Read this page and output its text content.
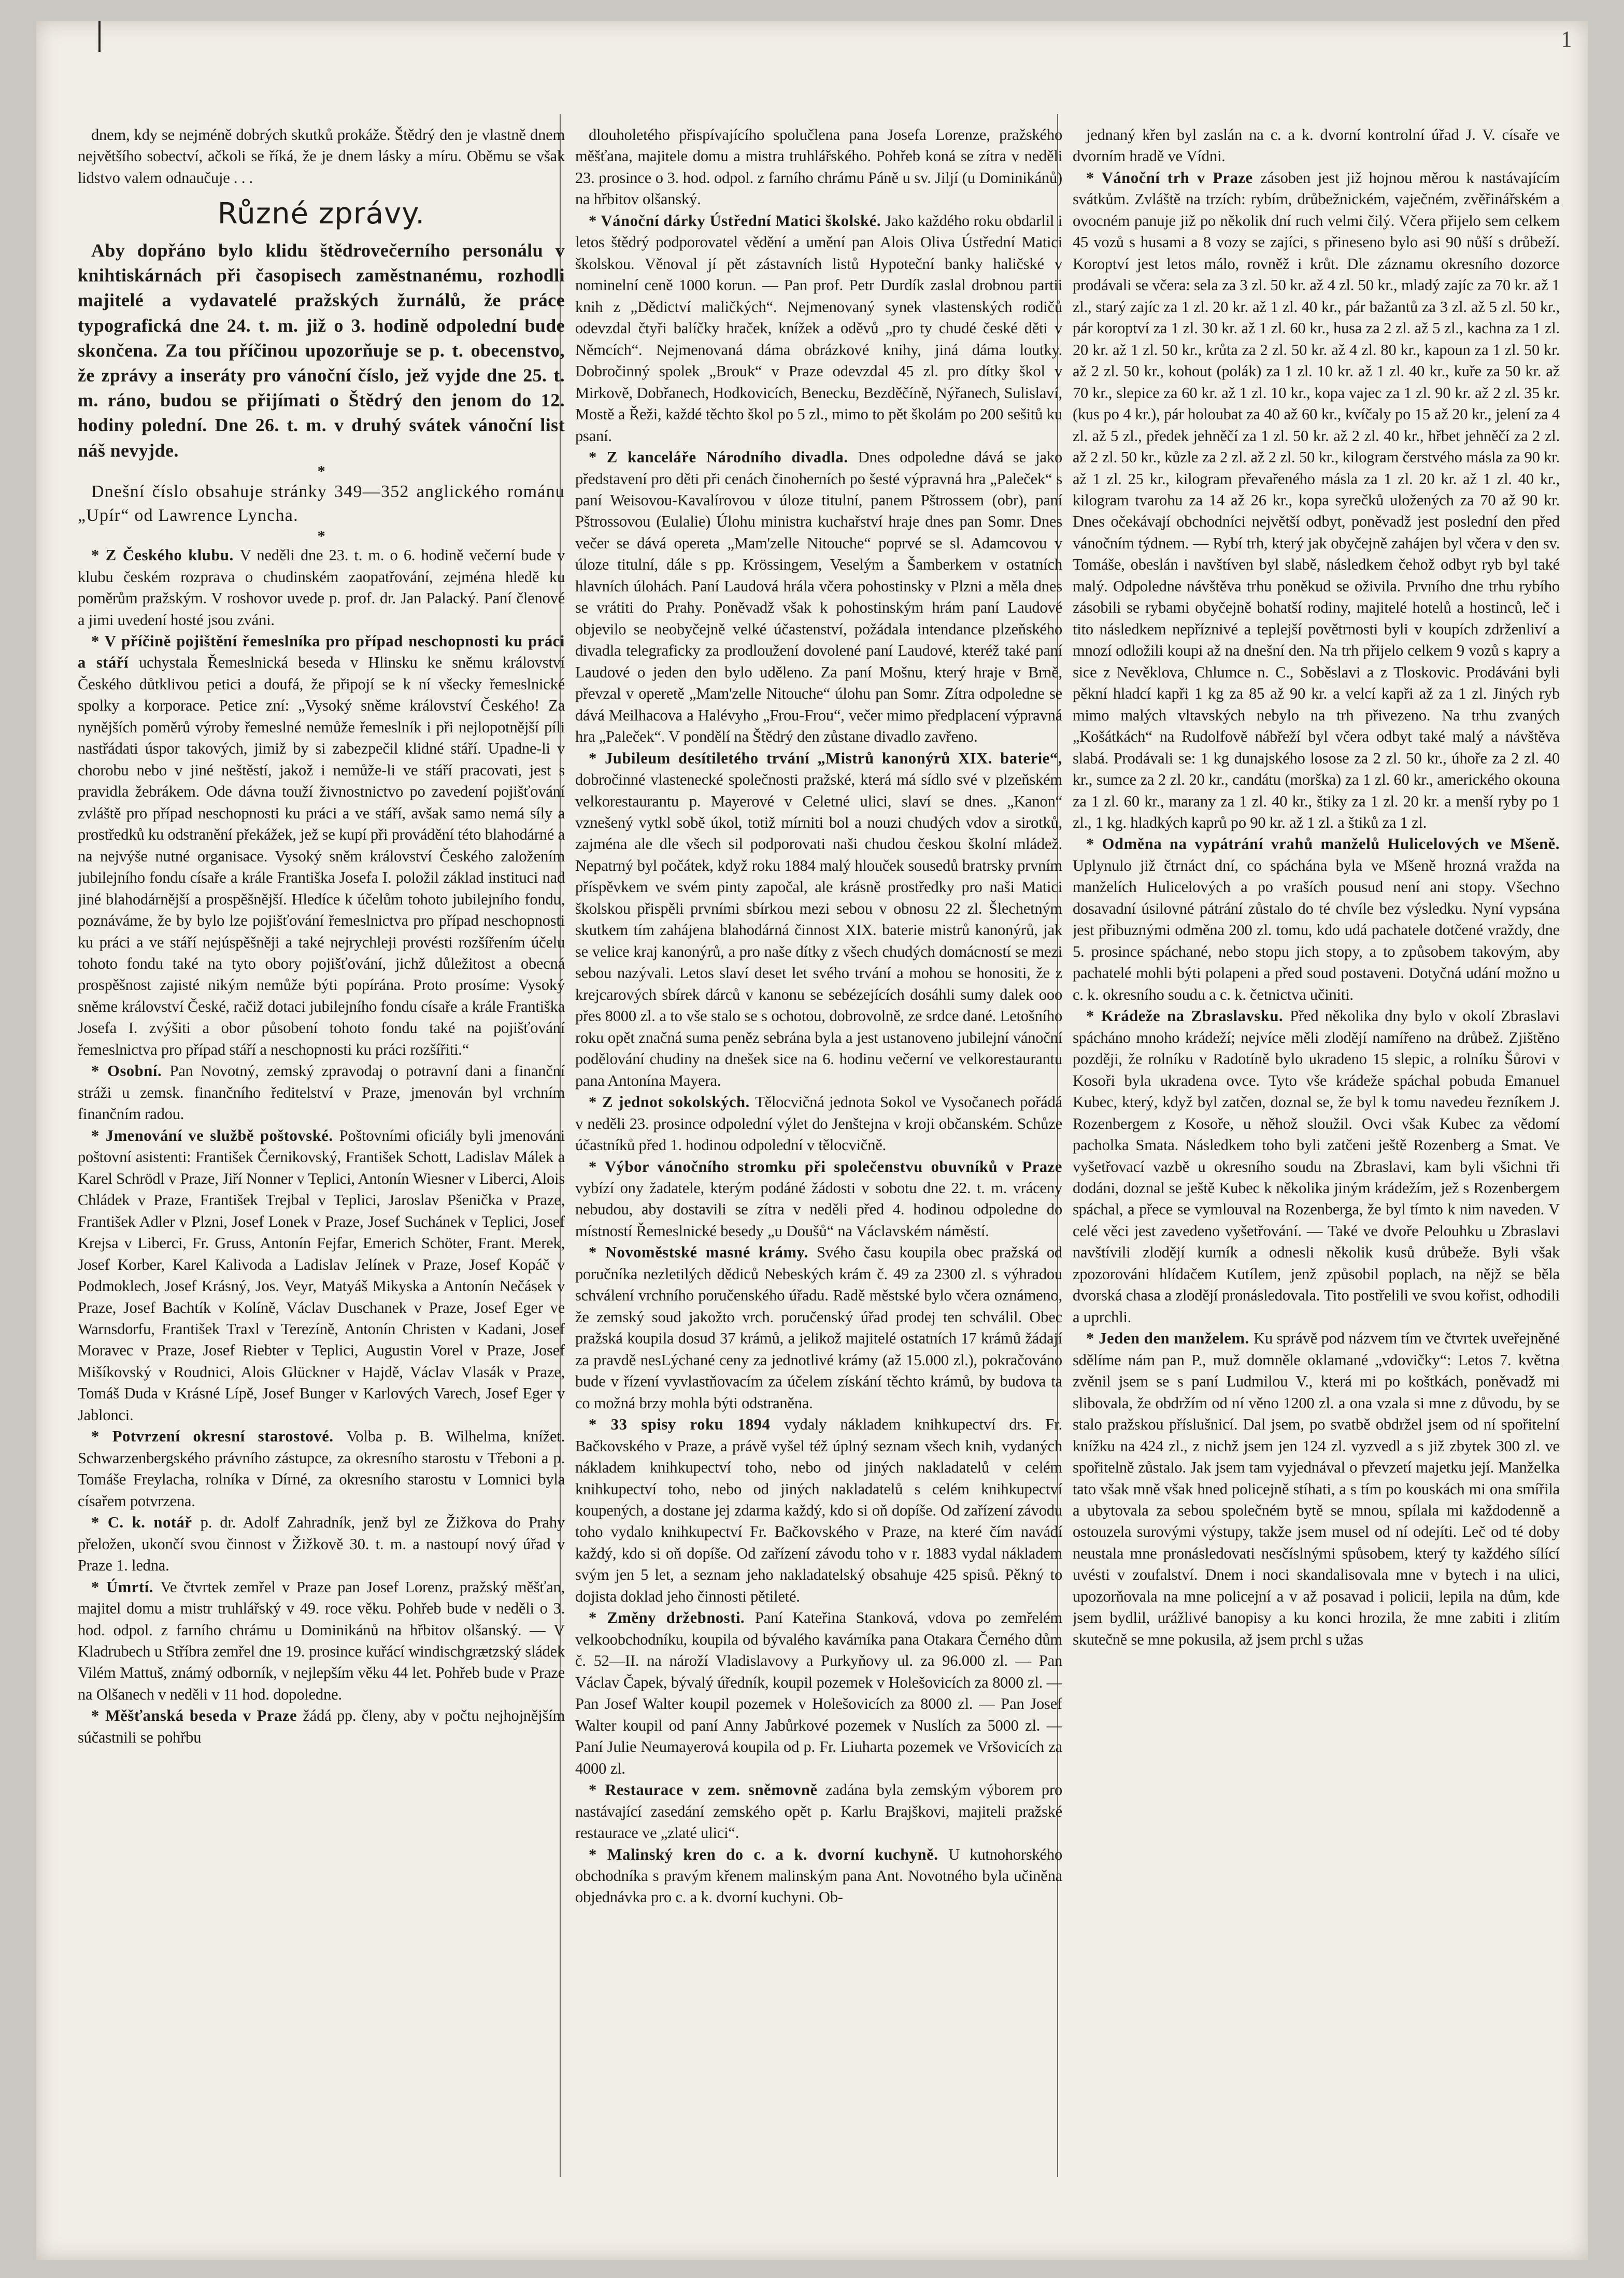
1

dnem, kdy se nejméně dobrých skutků prokáže. Štědrý den je vlastně dnem největšího sobectví, ačkoli se říká, že je dnem lásky a míru. Oběmu se však lidstvo valem odnaučuje . . .

Různé zprávy.

Aby dopřáno bylo klidu štědrovečerního personálu v knihtiskárnách při časopisech zaměstnanému, rozhodli majitelé a vydavatelé pražských žurnálů, že práce typografická dne 24. t. m. již o 3. hodině odpolední bude skončena. Za tou příčinou upozorňuje se p. t. obecenstvo, že zprávy a inseráty pro vánoční číslo, jež vyjde dne 25. t. m. ráno, budou se přijímati o Štědrý den jenom do 12. hodiny polední. Dne 26. t. m. v druhý svátek vánoční list náš nevyjde.

*

Dnešní číslo obsahuje stránky 349—352 anglického románu „Upír“ od Lawrence Lyncha.

*

* Z Českého klubu. V neděli dne 23. t. m. o 6. hodině večerní bude v klubu českém rozprava o chudinském zaopatřování, zejména hledě ku poměrům pražským. V roshovor uvede p. prof. dr. Jan Palacký. Paní členové a jimi uvedení hosté jsou zváni.

* V příčině pojištění řemeslníka pro případ neschopnosti ku práci a stáří uchystala Řemeslnická beseda v Hlinsku ke sněmu království Českého důtklivou petici a doufá, že připojí se k ní všecky řemeslnické spolky a korporace. Petice zní: „Vysoký sněme království Českého! Za nynějších poměrů výroby řemeslné nemůže řemeslník i při nejlopotnější píli nastřádati úspor takových, jimiž by si zabezpečil klidné stáří. Upadne-li v chorobu nebo v jiné neštěstí, jakož i nemůže-li ve stáří pracovati, jest s pravidla žebrákem. Ode dávna touží živnostnictvo po zavedení pojišťování zvláště pro případ neschopnosti ku práci a ve stáří, avšak samo nemá síly a prostředků ku odstranění překážek, jež se kupí při provádění této blahodárné a na nejvýše nutné organisace. Vysoký sněm království Českého založením jubilejního fondu císaře a krále Františka Josefa I. položil základ instituci nad jiné blahodárnější a prospěšnější. Hledíce k účelům tohoto jubilejního fondu, poznáváme, že by bylo lze pojišťování řemeslnictva pro případ neschopnosti ku práci a ve stáří nejúspěšněji a také nejrychleji provésti rozšířením účelu tohoto fondu také na tyto obory pojišťování, jichž důležitost a obecná prospěšnost zajisté nikým nemůže býti popírána. Proto prosíme: Vysoký sněme království České, račiž dotaci jubilejního fondu císaře a krále Františka Josefa I. zvýšiti a obor působení tohoto fondu také na pojišťování řemeslnictva pro případ stáří a neschopnosti ku práci rozšířiti.“

* Osobní. Pan Novotný, zemský zpravodaj o potravní dani a finanční stráži u zemsk. finančního ředitelství v Praze, jmenován byl vrchním finančním radou.

* Jmenování ve službě poštovské. Poštovními oficiály byli jmenováni poštovní asistenti: František Černikovský, František Schott, Ladislav Málek a Karel Schrödl v Praze, Jiří Nonner v Teplici, Antonín Wiesner v Liberci, Alois Chládek v Praze, František Trejbal v Teplici, Jaroslav Pšenička v Praze, František Adler v Plzni, Josef Lonek v Praze, Josef Suchánek v Teplici, Josef Krejsa v Liberci, Fr. Gruss, Antonín Fejfar, Emerich Schöter, Frant. Merek, Josef Korber, Karel Kalivoda a Ladislav Jelínek v Praze, Josef Kopáč v Podmoklech, Josef Krásný, Jos. Veyr, Matyáš Mikyska a Antonín Nečásek v Praze, Josef Bachtík v Kolíně, Václav Duschanek v Praze, Josef Eger ve Warnsdorfu, František Traxl v Terezíně, Antonín Christen v Kadani, Josef Moravec v Praze, Josef Riebter v Teplici, Augustin Vorel v Praze, Josef Mišíkovský v Roudnici, Alois Glückner v Hajdě, Václav Vlasák v Praze, Tomáš Duda v Krásné Lípě, Josef Bunger v Karlových Varech, Josef Eger v Jablonci.

* Potvrzení okresní starostové. Volba p. B. Wilhelma, knížet. Schwarzenbergského právního zástupce, za okresního starostu v Třeboni a p. Tomáše Freylacha, rolníka v Dírné, za okresního starostu v Lomnici byla císařem potvrzena.

* C. k. notář p. dr. Adolf Zahradník, jenž byl ze Žižkova do Prahy přeložen, ukončí svou činnost v Žižkově 30. t. m. a nastoupí nový úřad v Praze 1. ledna.

* Úmrtí. Ve čtvrtek zemřel v Praze pan Josef Lorenz, pražský měšťan, majitel domu a mistr truhlářský v 49. roce věku. Pohřeb bude v neděli o 3. hod. odpol. z farního chrámu u Dominikánů na hřbitov olšanský. — V Kladrubech u Stříbra zemřel dne 19. prosince kuřácí windischgrætzský sládek Vilém Mattuš, známý odborník, v nejlepším věku 44 let. Pohřeb bude v Praze na Olšanech v neděli v 11 hod. dopoledne.

* Měšťanská beseda v Praze žádá pp. členy, aby v počtu nejhojnějším súčastnili se pohřbu

dlouholetého přispívajícího spolučlena pana Josefa Lorenze, pražského měšťana, majitele domu a mistra truhlářského. Pohřeb koná se zítra v neděli 23. prosince o 3. hod. odpol. z farního chrámu Páně u sv. Jiljí (u Dominikánů) na hřbitov olšanský.

* Vánoční dárky Ústřední Matici školské. Jako každého roku obdarlil i letos štědrý podporovatel vědění a umění pan Alois Oliva Ústřední Matici školskou. Věnoval jí pět zástavních listů Hypoteční banky haličské v nominelní ceně 1000 korun. — Pan prof. Petr Durdík zaslal drobnou partii knih z „Dědictví maličkých“. Nejmenovaný synek vlastenských rodičů odevzdal čtyři balíčky hraček, knížek a oděvů „pro ty chudé české děti v Němcích“. Nejmenovaná dáma obrázkové knihy, jiná dáma loutky. Dobročinný spolek „Brouk“ v Praze odevzdal 45 zl. pro dítky škol v Mirkově, Dobřanech, Hodkovicích, Benecku, Bezděčíně, Nýřanech, Sulislaví, Mostě a Řeži, každé těchto škol po 5 zl., mimo to pět školám po 200 sešitů ku psaní.

* Z kanceláře Národního divadla. Dnes odpoledne dává se jako představení pro děti při cenách činoherních po šesté výpravná hra „Paleček“ s paní Weisovou-Kavalírovou v úloze titulní, panem Pštrossem (obr), paní Pštrossovou (Eulalie) Úlohu ministra kuchařství hraje dnes pan Somr. Dnes večer se dává opereta „Mam'zelle Nitouche“ poprvé se sl. Adamcovou v úloze titulní, dále s pp. Krössingem, Veselým a Šamberkem v ostatních hlavních úlohách. Paní Laudová hrála včera pohostinsky v Plzni a měla dnes se vrátiti do Prahy. Poněvadž však k pohostinským hrám paní Laudové objevilo se neobyčejně velké účastenství, požádala intendance plzeňského divadla telegraficky za prodloužení dovolené paní Laudové, kteréž také paní Laudové o jeden den bylo uděleno. Za paní Mošnu, který hraje v Brně, převzal v operetě „Mam'zelle Nitouche“ úlohu pan Somr. Zítra odpoledne se dává Meilhacova a Halévyho „Frou-Frou“, večer mimo předplacení výpravná hra „Paleček“. V pondělí na Štědrý den zůstane divadlo zavřeno.

* Jubileum desítiletého trvání „Mistrů kanonýrů XIX. baterie“, dobročinné vlastenecké společnosti pražské, která má sídlo své v plzeňském velkorestaurantu p. Mayerové v Celetné ulici, slaví se dnes. „Kanon“ vznešený vytkl sobě úkol, totiž mírniti bol a nouzi chudých vdov a sirotků, zajména ale dle všech sil podporovati naši chudou českou školní mládež. Nepatrný byl počátek, když roku 1884 malý hlouček sousedů bratrsky prvním příspěvkem ve svém pinty započal, ale krásně prostředky pro naši Matici školskou přispěli prvními sbírkou mezi sebou v obnosu 22 zl. Šlechetným skutkem tím zahájena blahodárná činnost XIX. baterie mistrů kanonýrů, jak se velice kraj kanonýrů, a pro naše dítky z všech chudých domácností se mezi sebou nazývali. Letos slaví deset let svého trvání a mohou se honositi, že z krejcarových sbírek dárců v kanonu se sebézejících dosáhli sumy dalek ooo přes 8000 zl. a to vše stalo se s ochotou, dobrovolně, ze srdce dané. Letošního roku opět značná suma peněz sebrána byla a jest ustanoveno jubilejní vánoční podělování chudiny na dnešek sice na 6. hodinu večerní ve velkorestaurantu pana Antonína Mayera.

* Z jednot sokolských. Tělocvičná jednota Sokol ve Vysočanech pořádá v neděli 23. prosince odpolední výlet do Jenštejna v kroji občanském. Schůze účastníků před 1. hodinou odpolední v tělocvičně.

* Výbor vánočního stromku při společenstvu obuvníků v Praze vybízí ony žadatele, kterým podáné žádosti v sobotu dne 22. t. m. vráceny nebudou, aby dostavili se zítra v neděli před 4. hodinou odpoledne do místností Řemeslnické besedy „u Doušů“ na Václavském náměstí.

* Novoměstské masné krámy. Svého času koupila obec pražská od poručníka nezletilých dědiců Nebeských krám č. 49 za 2300 zl. s výhradou schválení vrchního poručenského úřadu. Radě městské bylo včera oznámeno, že zemský soud jakožto vrch. poručenský úřad prodej ten schválil. Obec pražská koupila dosud 37 krámů, a jelikož majitelé ostatních 17 krámů žádají za pravdě nesLýchané ceny za jednotlivé krámy (až 15.000 zl.), pokračováno bude v řízení vyvlastňovacím za účelem získání těchto krámů, by budova ta co možná brzy mohla býti odstraněna.

* 33 spisy roku 1894 vydaly nákladem knihkupectví drs. Fr. Bačkovského v Praze, a právě vyšel též úplný seznam všech knih, vydaných nákladem knihkupectví toho, nebo od jiných nakladatelů v celém knihkupectví toho, nebo od jiných nakladatelů s celém knihkupectví koupených, a dostane jej zdarma každý, kdo si oň dopíše. Od zařízení závodu toho vydalo knihkupectví Fr. Bačkovského v Praze, na které čím navádí každý, kdo si oň dopíše. Od zařízení závodu toho v r. 1883 vydal nákladem svým jen 5 let, a seznam jeho nakladatelský obsahuje 425 spisů. Pěkný to dojista doklad jeho činnosti pětileté.

* Změny držebnosti. Paní Kateřina Stanková, vdova po zemřelém velkoobchodníku, koupila od bývalého kavárníka pana Otakara Černého dům č. 52—II. na nároží Vladislavovy a Purkyňovy ul. za 96.000 zl. — Pan Václav Čapek, bývalý úředník, koupil pozemek v Holešovicích za 8000 zl. — Pan Josef Walter koupil pozemek v Holešovicích za 8000 zl. — Pan Josef Walter koupil od paní Anny Jabůrkové pozemek v Nuslích za 5000 zl. — Paní Julie Neumayerová koupila od p. Fr. Liuharta pozemek ve Vršovicích za 4000 zl.

* Restaurace v zem. sněmovně zadána byla zemským výborem pro nastávající zasedání zemského opět p. Karlu Brajškovi, majiteli pražské restaurace ve „zlaté ulici“.

* Malinský kren do c. a k. dvorní kuchyně. U kutnohorského obchodníka s pravým křenem malinským pana Ant. Novotného byla učiněna objednávka pro c. a k. dvorní kuchyni. Ob-

jednaný křen byl zaslán na c. a k. dvorní kontrolní úřad J. V. císaře ve dvorním hradě ve Vídni.

* Vánoční trh v Praze zásoben jest již hojnou měrou k nastávajícím svátkům. Zvláště na trzích: rybím, drůbežnickém, vaječném, zvěřinářském a ovocném panuje již po několik dní ruch velmi čilý. Včera přijelo sem celkem 45 vozů s husami a 8 vozy se zajíci, s přineseno bylo asi 90 nůší s drůbeží. Koroptví jest letos málo, rovněž i krůt. Dle záznamu okresního dozorce prodávali se včera: sela za 3 zl. 50 kr. až 4 zl. 50 kr., mladý zajíc za 70 kr. až 1 zl., starý zajíc za 1 zl. 20 kr. až 1 zl. 40 kr., pár bažantů za 3 zl. až 5 zl. 50 kr., pár koroptví za 1 zl. 30 kr. až 1 zl. 60 kr., husa za 2 zl. až 5 zl., kachna za 1 zl. 20 kr. až 1 zl. 50 kr., krůta za 2 zl. 50 kr. až 4 zl. 80 kr., kapoun za 1 zl. 50 kr. až 2 zl. 50 kr., kohout (polák) za 1 zl. 10 kr. až 1 zl. 40 kr., kuře za 50 kr. až 70 kr., slepice za 60 kr. až 1 zl. 10 kr., kopa vajec za 1 zl. 90 kr. až 2 zl. 35 kr. (kus po 4 kr.), pár holoubat za 40 až 60 kr., kvíčaly po 15 až 20 kr., jelení za 4 zl. až 5 zl., předek jehněčí za 1 zl. 50 kr. až 2 zl. 40 kr., hřbet jehněčí za 2 zl. až 2 zl. 50 kr., kůzle za 2 zl. až 2 zl. 50 kr., kilogram čerstvého másla za 90 kr. až 1 zl. 25 kr., kilogram převařeného másla za 1 zl. 20 kr. až 1 zl. 40 kr., kilogram tvarohu za 14 až 26 kr., kopa syrečků uložených za 70 až 90 kr. Dnes očekávají obchodníci největší odbyt, poněvadž jest poslední den před vánočním týdnem. — Rybí trh, který jak obyčejně zahájen byl včera v den sv. Tomáše, obeslán i navštíven byl slabě, následkem čehož odbyt ryb byl také malý. Odpoledne návštěva trhu poněkud se oživila. Prvního dne trhu rybího zásobili se rybami obyčejně bohatší rodiny, majitelé hotelů a hostinců, leč i tito následkem nepříznivé a teplejší povětrnosti byli v koupích zdrženliví a mnozí odložili koupi až na dnešní den. Na trh přijelo celkem 9 vozů s kapry a sice z Nevěklova, Chlumce n. C., Soběslavi a z Tloskovic. Prodáváni byli pěkní hladcí kapři 1 kg za 85 až 90 kr. a velcí kapři až za 1 zl. Jiných ryb mimo malých vltavských nebylo na trh přivezeno. Na trhu zvaných „Košátkách“ na Rudolfově nábřeží byl včera odbyt také malý a návštěva slabá. Prodávali se: 1 kg dunajského losose za 2 zl. 50 kr., úhoře za 2 zl. 40 kr., sumce za 2 zl. 20 kr., candátu (morška) za 1 zl. 60 kr., amerického okouna za 1 zl. 60 kr., marany za 1 zl. 40 kr., štiky za 1 zl. 20 kr. a menší ryby po 1 zl., 1 kg. hladkých kaprů po 90 kr. až 1 zl. a štiků za 1 zl.

* Odměna na vypátrání vrahů manželů Hulicelových ve Mšeně. Uplynulo již čtrnáct dní, co spáchána byla ve Mšeně hrozná vražda na manželích Hulicelových a po vraších pousud není ani stopy. Všechno dosavadní úsilovné pátrání zůstalo do té chvíle bez výsledku. Nyní vypsána jest přibuznými odměna 200 zl. tomu, kdo udá pachatele dotčené vraždy, dne 5. prosince spáchané, nebo stopu jich stopy, a to způsobem takovým, aby pachatelé mohli býti polapeni a před soud postaveni. Dotyčná udání možno u c. k. okresního soudu a c. k. četnictva učiniti.

* Krádeže na Zbraslavsku. Před několika dny bylo v okolí Zbraslavi spácháno mnoho krádeží; nejvíce měli zlodějí namířeno na drůbež. Zjištěno později, že rolníku v Radotíně bylo ukradeno 15 slepic, a rolníku Šůrovi v Kosoři byla ukradena ovce. Tyto vše krádeže spáchal pobuda Emanuel Kubec, který, když byl zatčen, doznal se, že byl k tomu navedeu řezníkem J. Rozenbergem z Kosoře, u něhož sloužil. Ovci však Kubec za vědomí pacholka Smata. Následkem toho byli zatčeni ještě Rozenberg a Smat. Ve vyšetřovací vazbě u okresního soudu na Zbraslavi, kam byli všichni tři dodáni, doznal se ještě Kubec k několika jiným krádežím, jež s Rozenbergem spáchal, a přece se vymlouval na Rozenberga, že byl tímto k nim naveden. V celé věci jest zavedeno vyšetřování. — Také ve dvoře Pelouhku u Zbraslavi navštívili zlodějí kurník a odnesli několik kusů drůbeže. Byli však zpozorováni hlídačem Kutílem, jenž způsobil poplach, na nějž se běla dvorská chasa a zlodějí pronásledovala. Tito postřelili ve svou kořist, odhodili a uprchli.

* Jeden den manželem. Ku správě pod názvem tím ve čtvrtek uveřejněné sdělíme nám pan P., muž domněle oklamané „vdovičky“: Letos 7. května zvěnil jsem se s paní Ludmilou V., která mi po koštkách, poněvadž mi slibovala, že obdržím od ní věno 1200 zl. a ona vzala si mne z důvodu, by se stalo pražskou příslušnicí. Dal jsem, po svatbě obdržel jsem od ní spořitelní knížku na 424 zl., z nichž jsem jen 124 zl. vyzvedl a s již zbytek 300 zl. ve spořitelně zůstalo. Jak jsem tam vyjednával o převzetí majetku její. Manželka tato však mně však hned policejně stíhati, a s tím po kouskách mi ona smířila a ubytovala za sebou společném bytě se mnou, spílala mi každodenně a ostouzela surovými výstupy, takže jsem musel od ní odejíti. Leč od té doby neustala mne pronásledovati nesčíslnými spůsobem, který ty každého sílící uvésti v zoufalství. Dnem i noci skandalisovala mne v bytech i na ulici, upozorňovala na mne policejní a v až posavad i policii, lepila na dům, kde jsem bydlil, urážlivé banopisy a ku konci hrozila, že mne zabiti i zlitím skutečně se mne pokusila, až jsem prchl s užas
